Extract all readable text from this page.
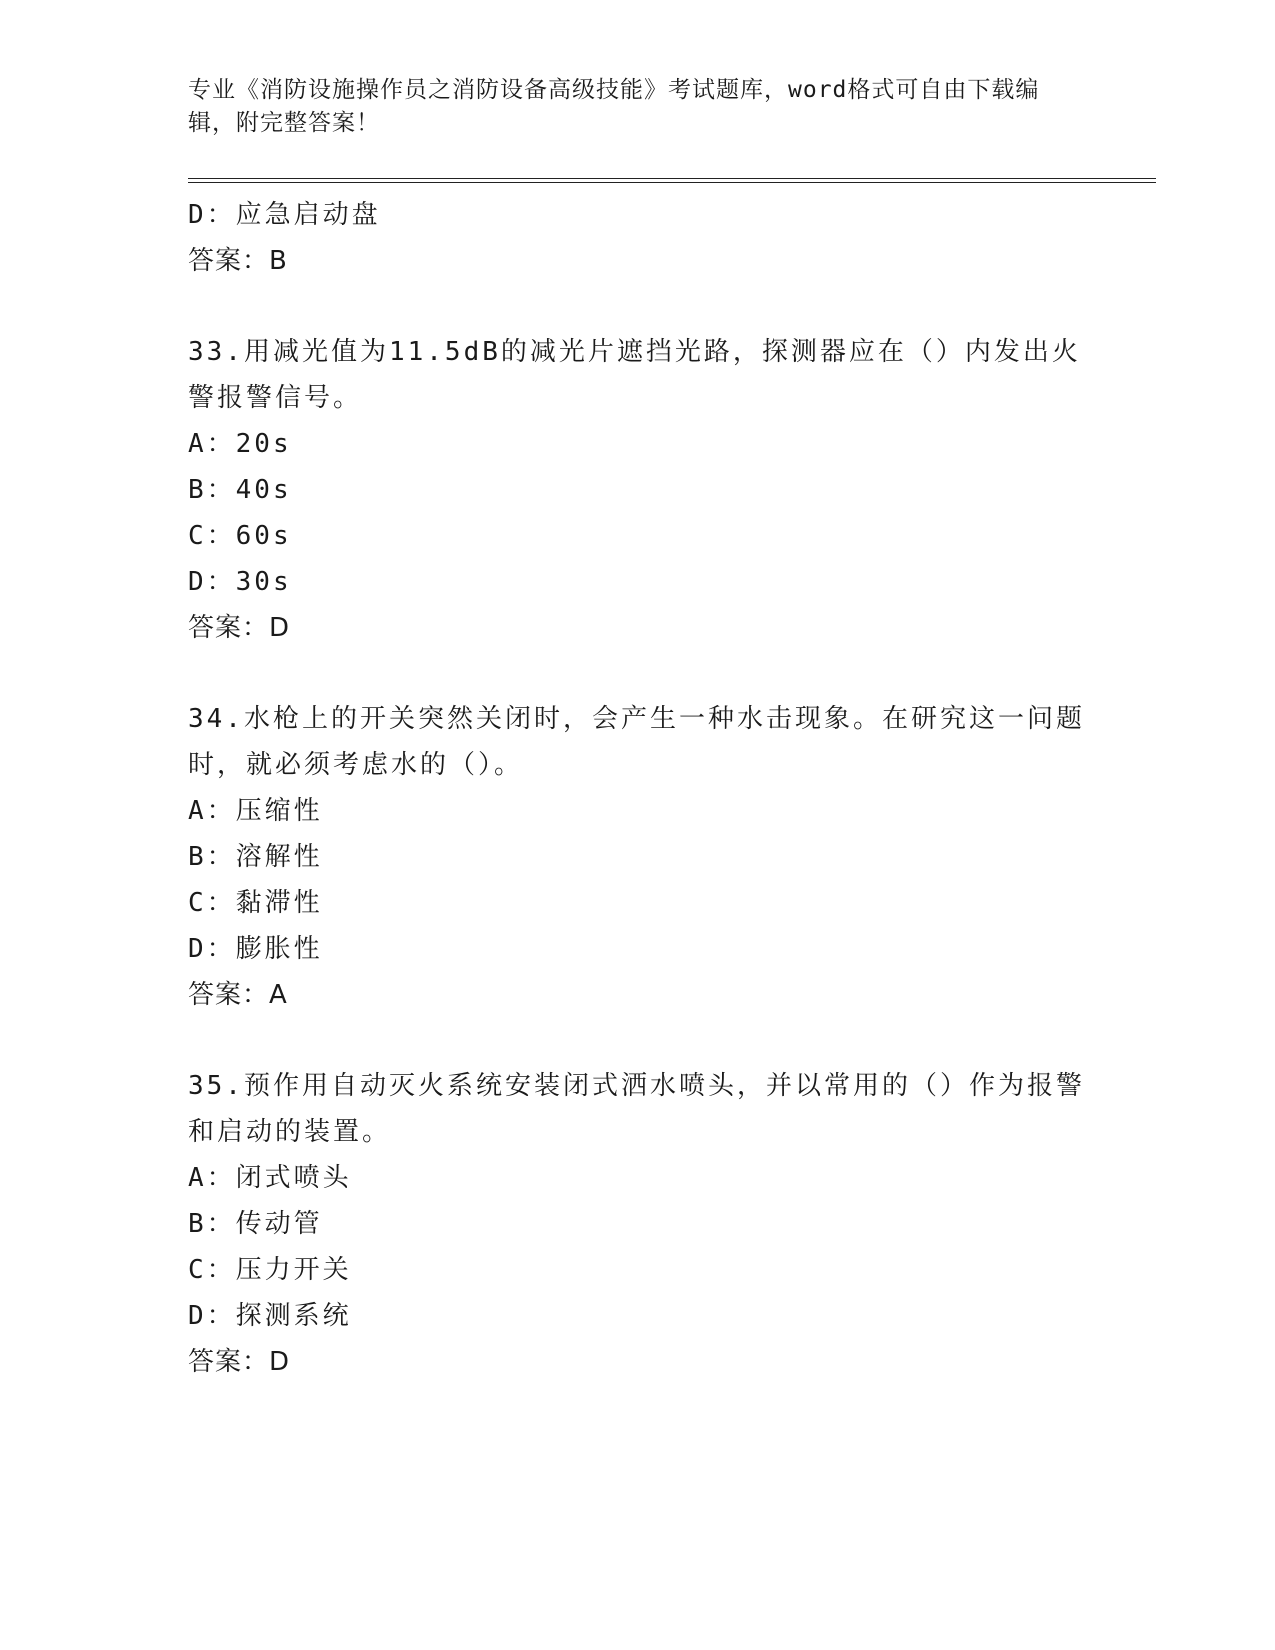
专业《消防设施操作员之消防设备高级技能》考试题库，word格式可自由下载编
辑，附完整答案！
D：应急启动盘
答案：B
33.用减光值为11.5dB的减光片遮挡光路，探测器应在（）内发出火
警报警信号。
A：20s
B：40s
C：60s
D：30s
答案：D
34.水枪上的开关突然关闭时，会产生一种水击现象。在研究这一问题
时，就必须考虑水的（）。
A：压缩性
B：溶解性
C：黏滞性
D：膨胀性
答案：A
35.预作用自动灭火系统安装闭式洒水喷头，并以常用的（）作为报警
和启动的装置。
A：闭式喷头
B：传动管
C：压力开关
D：探测系统
答案：D
